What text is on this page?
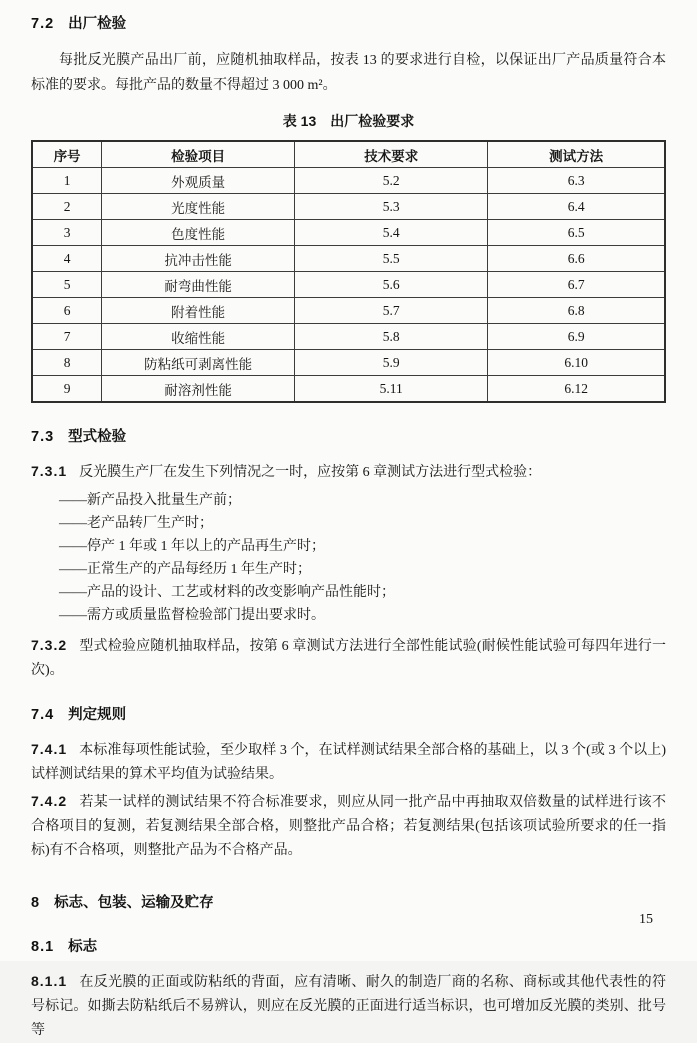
7.2 出厂检验

每批反光膜产品出厂前，应随机抽取样品，按表 13 的要求进行自检，以保证出厂产品质量符合本标准的要求。每批产品的数量不得超过 3 000 m²。

表 13 出厂检验要求
序号	检验项目	技术要求	测试方法
1	外观质量	5.2	6.3
2	光度性能	5.3	6.4
3	色度性能	5.4	6.5
4	抗冲击性能	5.5	6.6
5	耐弯曲性能	5.6	6.7
6	附着性能	5.7	6.8
7	收缩性能	5.8	6.9
8	防粘纸可剥离性能	5.9	6.10
9	耐溶剂性能	5.11	6.12
7.3 型式检验

7.3.1 反光膜生产厂在发生下列情况之一时，应按第 6 章测试方法进行型式检验：

——新产品投入批量生产前；
——老产品转厂生产时；
——停产 1 年或 1 年以上的产品再生产时；
——正常生产的产品每经历 1 年生产时；
——产品的设计、工艺或材料的改变影响产品性能时；
——需方或质量监督检验部门提出要求时。

7.3.2 型式检验应随机抽取样品，按第 6 章测试方法进行全部性能试验(耐候性能试验可每四年进行一次)。

7.4 判定规则

7.4.1 本标准每项性能试验，至少取样 3 个，在试样测试结果全部合格的基础上，以 3 个(或 3 个以上)试样测试结果的算术平均值为试验结果。

7.4.2 若某一试样的测试结果不符合标准要求，则应从同一批产品中再抽取双倍数量的试样进行该不合格项目的复测，若复测结果全部合格，则整批产品合格；若复测结果(包括该项试验所要求的任一指标)有不合格项，则整批产品为不合格产品。

8 标志、包装、运输及贮存
8.1 标志

8.1.1 在反光膜的正面或防粘纸的背面，应有清晰、耐久的制造厂商的名称、商标或其他代表性的符号标记。如撕去防粘纸后不易辨认，则应在反光膜的正面进行适当标识，也可增加反光膜的类别、批号等

15
